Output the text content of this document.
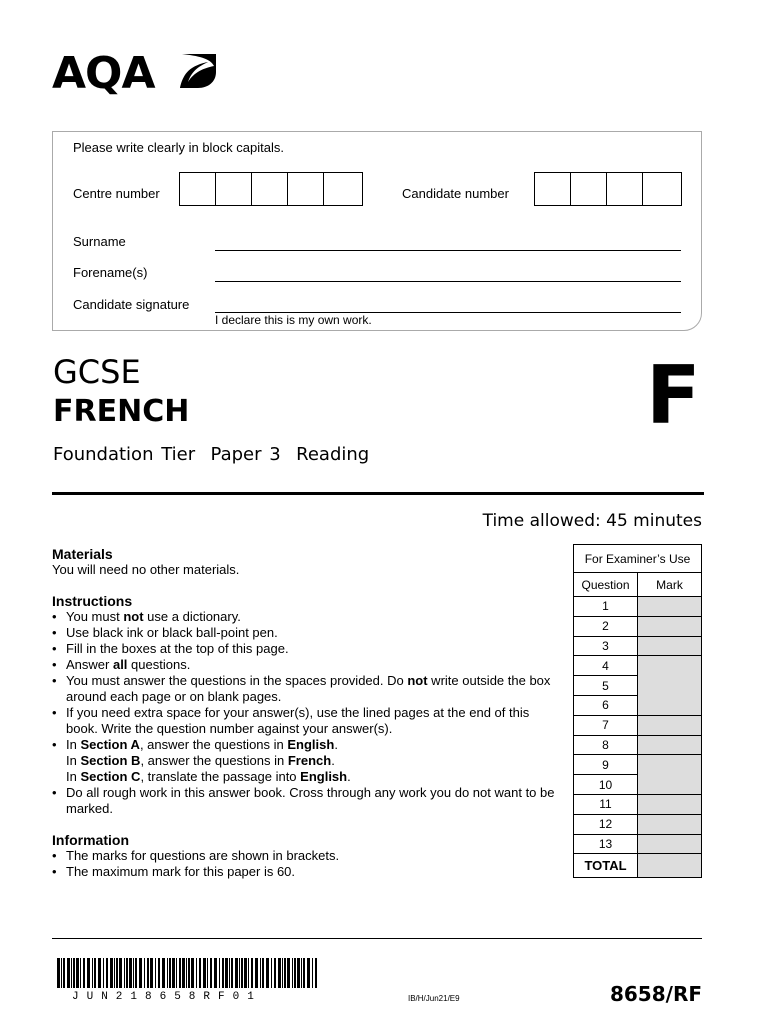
AQA
Please write clearly in block capitals.
Centre number	Candidate number
Surname
Forename(s)
Candidate signature
I declare this is my own work.
GCSE
FRENCH
Foundation Tier  Paper 3  Reading
F
Time allowed: 45 minutes
Materials
You will need no other materials.
Instructions
• You must not use a dictionary.
• Use black ink or black ball-point pen.
• Fill in the boxes at the top of this page.
• Answer all questions.
• You must answer the questions in the spaces provided. Do not write outside the box around each page or on blank pages.
• If you need extra space for your answer(s), use the lined pages at the end of this book. Write the question number against your answer(s).
• In Section A, answer the questions in English.
In Section B, answer the questions in French.
In Section C, translate the passage into English.
• Do all rough work in this answer book. Cross through any work you do not want to be marked.
Information
• The marks for questions are shown in brackets.
• The maximum mark for this paper is 60.
For Examiner’s Use	
Question	Mark
1	
2	
3	
4	
5	
6	
7	
8	
9	
10	
11	
12	
13	
TOTAL	
JUN218658RF01	IB/H/Jun21/E9	8658/RF
